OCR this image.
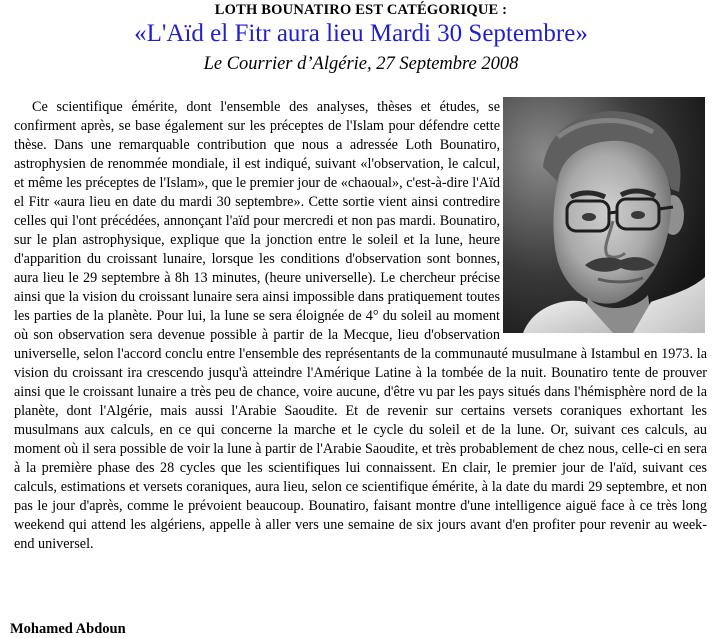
LOTH BOUNATIRO EST CATÉGORIQUE :
«L'Aïd el Fitr aura lieu Mardi 30 Septembre»
Le Courrier d’Algérie, 27 Septembre 2008

Ce scientifique émérite, dont l'ensemble des analyses, thèses et études, se confirment après, se base également sur les préceptes de l'Islam pour défendre cette thèse. Dans une remarquable contribution que nous a adressée Loth Bounatiro, astrophysien de renommée mondiale, il est indiqué, suivant «l'observation, le calcul, et même les préceptes de l'Islam», que le premier jour de «chaoual», c'est-à-dire l'Aïd el Fitr «aura lieu en date du mardi 30 septembre». Cette sortie vient ainsi contredire celles qui l'ont précédées, annonçant l'aïd pour mercredi et non pas mardi. Bounatiro, sur le plan astrophysique, explique que la jonction entre le soleil et la lune, heure d'apparition du croissant lunaire, lorsque les conditions d'observation sont bonnes, aura lieu le 29 septembre à 8h 13 minutes, (heure universelle). Le chercheur précise ainsi que la vision du croissant lunaire sera ainsi impossible dans pratiquement toutes les parties de la planète. Pour lui, la lune se sera éloignée de 4° du soleil au moment où son observation sera devenue possible à partir de la Mecque, lieu d'observation universelle, selon l'accord conclu entre l'ensemble des représentants de la communauté musulmane à Istambul en 1973. la vision du croissant ira crescendo jusqu'à atteindre l'Amérique Latine à la tombée de la nuit. Bounatiro tente de prouver ainsi que le croissant lunaire a très peu de chance, voire aucune, d'être vu par les pays situés dans l'hémisphère nord de la planète, dont l'Algérie, mais aussi l'Arabie Saoudite. Et de revenir sur certains versets coraniques exhortant les musulmans aux calculs, en ce qui concerne la marche et le cycle du soleil et de la lune. Or, suivant ces calculs, au moment où il sera possible de voir la lune à partir de l'Arabie Saoudite, et très probablement de chez nous, celle-ci en sera à la première phase des 28 cycles que les scientifiques lui connaissent. En clair, le premier jour de l'aïd, suivant ces calculs, estimations et versets coraniques, aura lieu, selon ce scientifique émérite, à la date du mardi 29 septembre, et non pas le jour d'après, comme le prévoient beaucoup. Bounatiro, faisant montre d'une intelligence aiguë face à ce très long weekend qui attend les algériens, appelle à aller vers une semaine de six jours avant d'en profiter pour revenir au week-end universel.

Mohamed Abdoun
